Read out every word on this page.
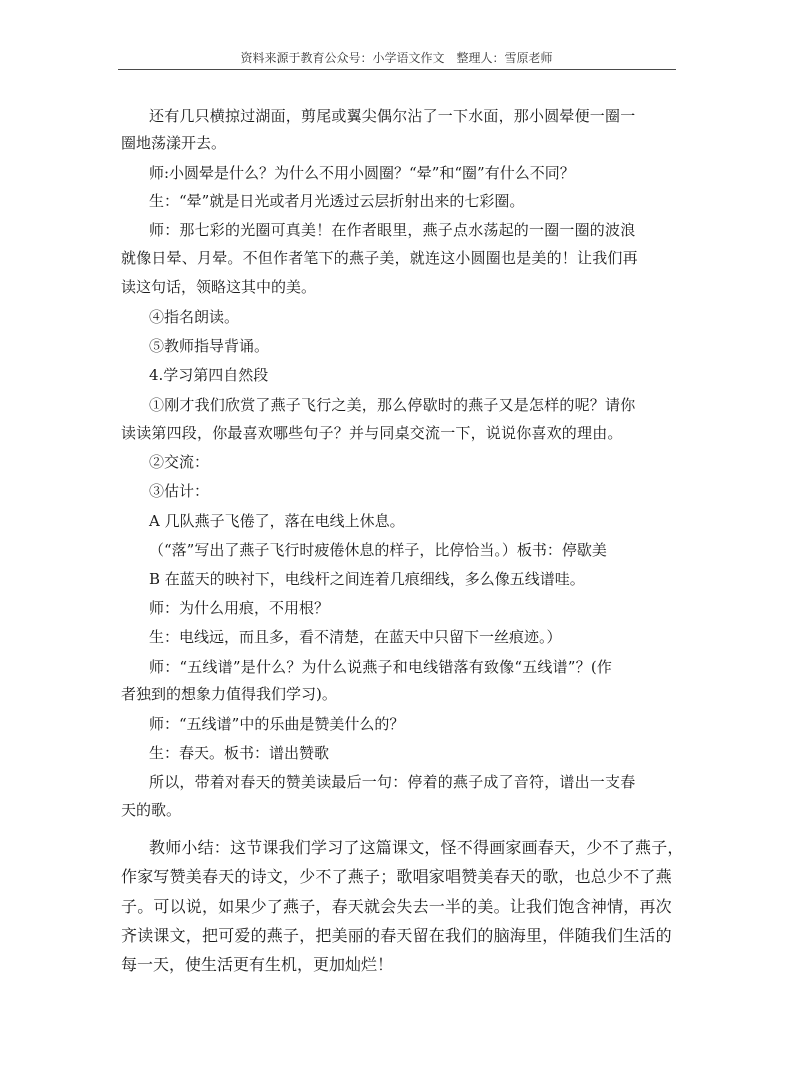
资料来源于教育公众号：小学语文作文 整理人：雪原老师
还有几只横掠过湖面，剪尾或翼尖偶尔沾了一下水面，那小圆晕便一圈一
圈地荡漾开去。
师:小圆晕是什么？为什么不用小圆圈？“晕”和“圈”有什么不同？
生：“晕”就是日光或者月光透过云层折射出来的七彩圈。
师：那七彩的光圈可真美！在作者眼里，燕子点水荡起的一圈一圈的波浪
就像日晕、月晕。不但作者笔下的燕子美，就连这小圆圈也是美的！让我们再
读这句话，领略这其中的美。
④指名朗读。
⑤教师指导背诵。
4.学习第四自然段
①刚才我们欣赏了燕子飞行之美，那么停歇时的燕子又是怎样的呢？请你
读读第四段，你最喜欢哪些句子？并与同桌交流一下，说说你喜欢的理由。
②交流：
③估计：
A 几队燕子飞倦了，落在电线上休息。
（“落”写出了燕子飞行时疲倦休息的样子，比停恰当。）板书：停歇美
B 在蓝天的映衬下，电线杆之间连着几痕细线，多么像五线谱哇。
师：为什么用痕，不用根？
生：电线远，而且多，看不清楚，在蓝天中只留下一丝痕迹。）
师：“五线谱”是什么？为什么说燕子和电线错落有致像“五线谱”？(作
者独到的想象力值得我们学习)。
师：“五线谱”中的乐曲是赞美什么的？
生：春天。板书：谱出赞歌
所以，带着对春天的赞美读最后一句：停着的燕子成了音符，谱出一支春
天的歌。
教师小结：这节课我们学习了这篇课文，怪不得画家画春天，少不了燕子，
作家写赞美春天的诗文，少不了燕子；歌唱家唱赞美春天的歌，也总少不了燕
子。可以说，如果少了燕子，春天就会失去一半的美。让我们饱含神情，再次
齐读课文，把可爱的燕子，把美丽的春天留在我们的脑海里，伴随我们生活的
每一天，使生活更有生机，更加灿烂！
